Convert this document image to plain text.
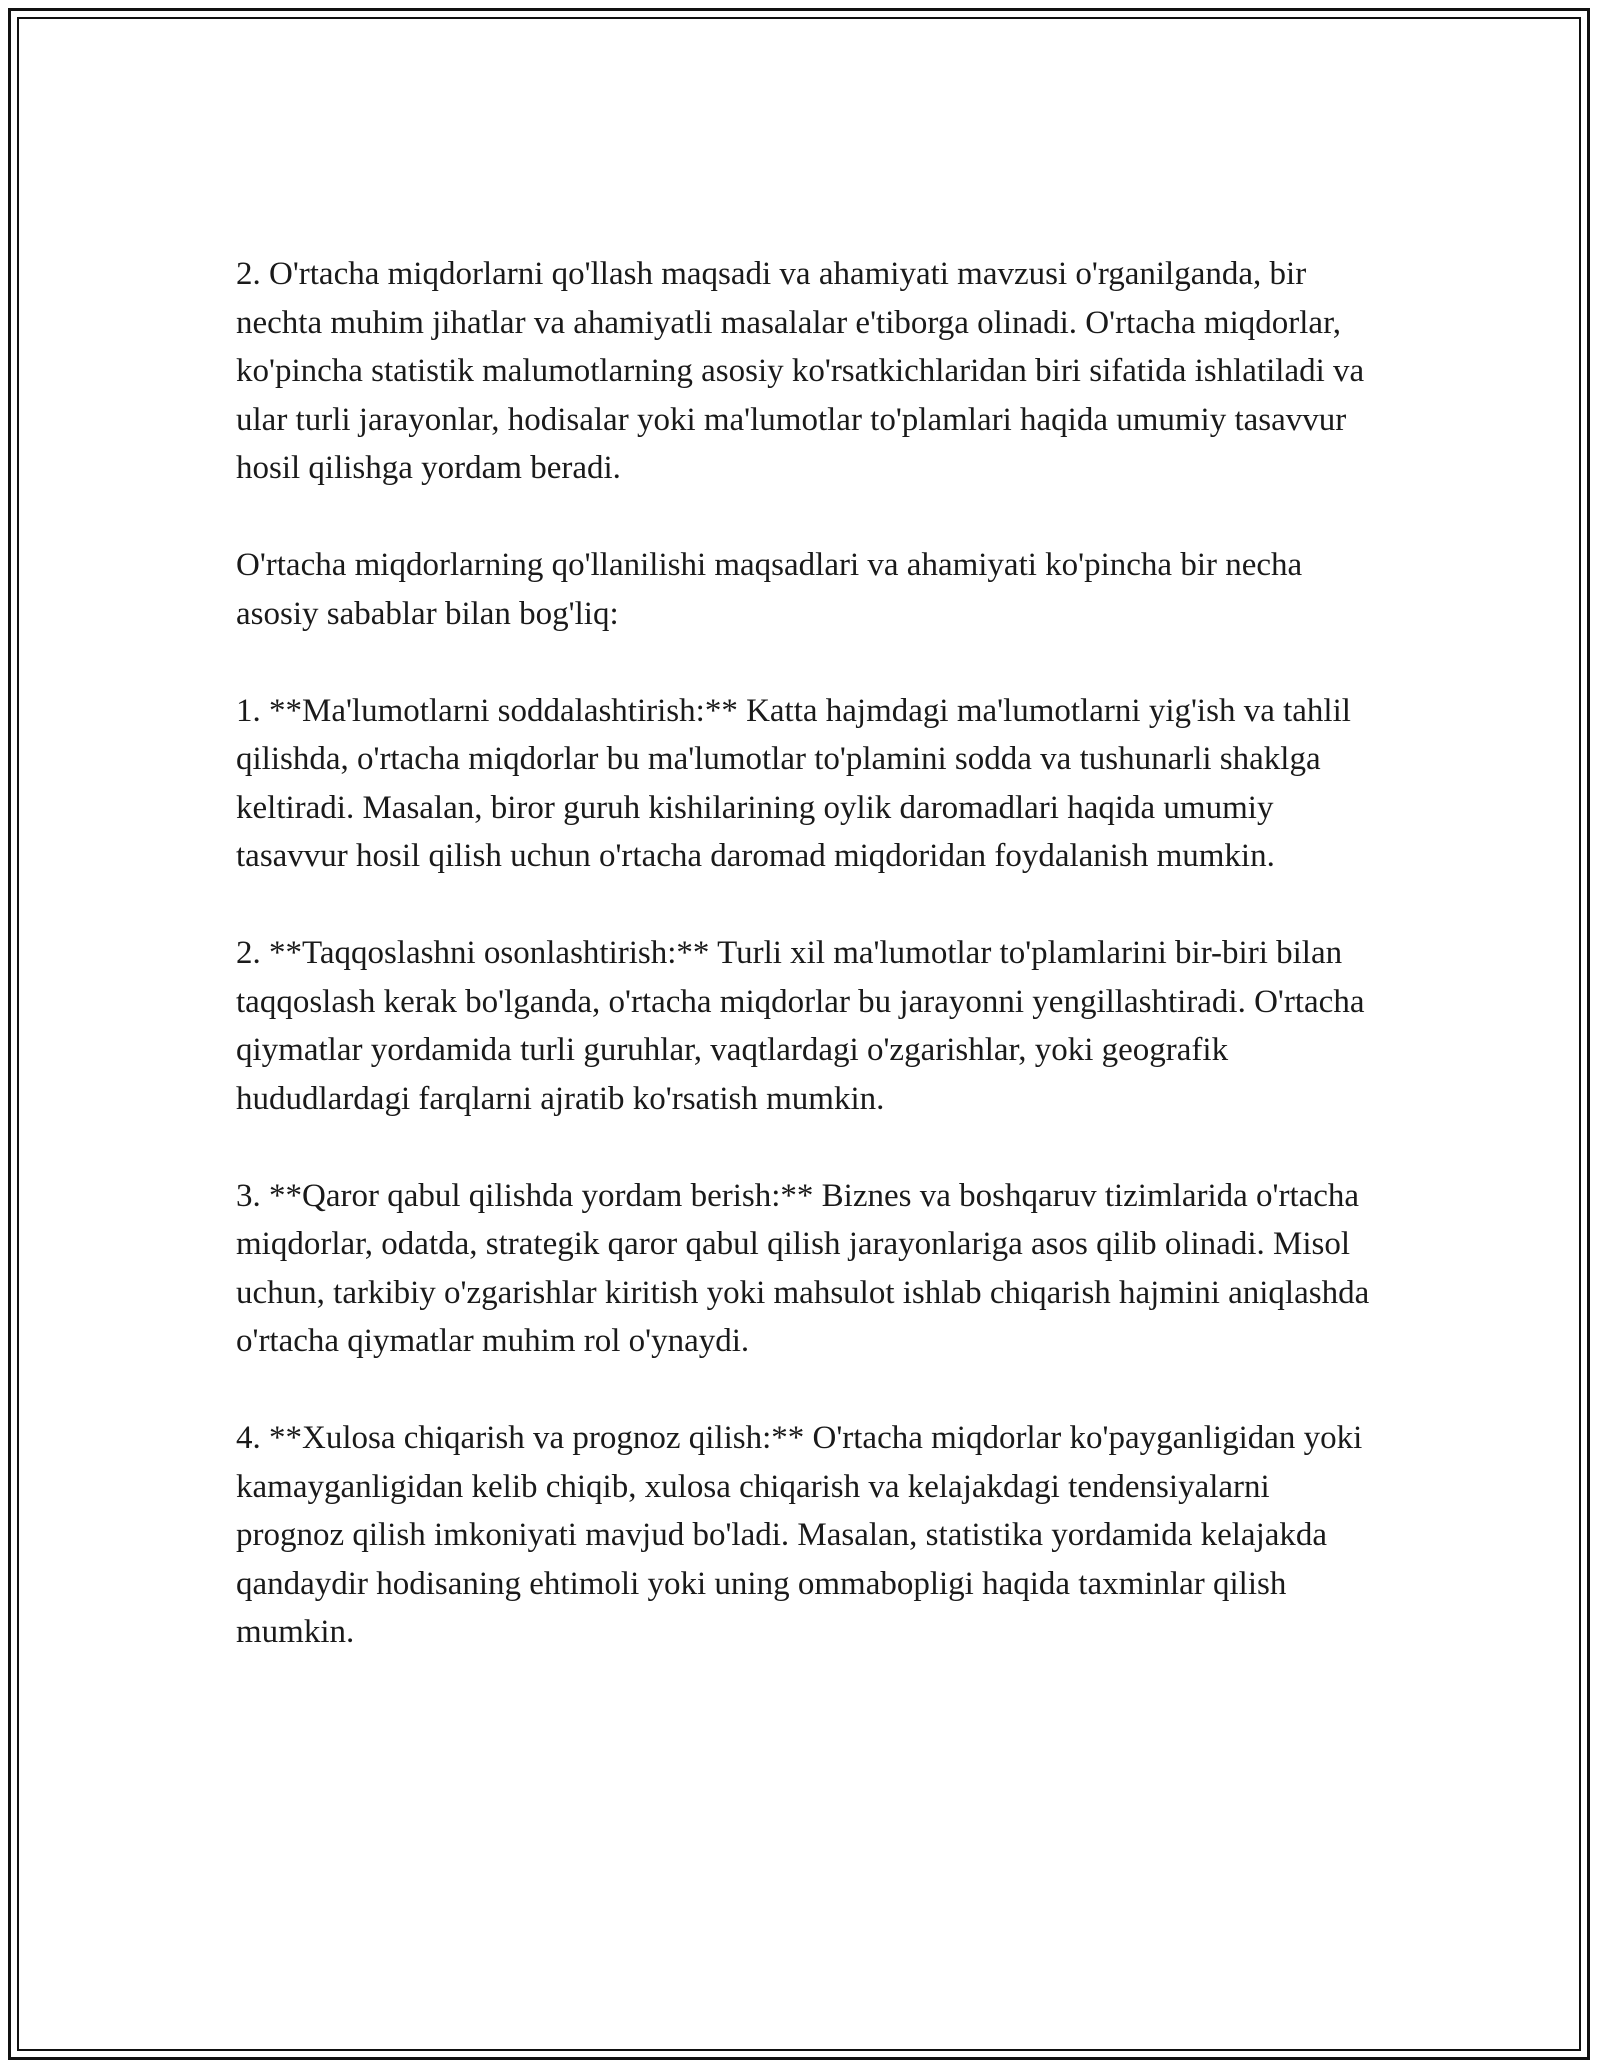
2. O'rtacha miqdorlarni qo'llash maqsadi va ahamiyati mavzusi o'rganilganda, bir nechta muhim jihatlar va ahamiyatli masalalar e'tiborga olinadi. O'rtacha miqdorlar, ko'pincha statistik malumotlarning asosiy ko'rsatkichlaridan biri sifatida ishlatiladi va ular turli jarayonlar, hodisalar yoki ma'lumotlar to'plamlari haqida umumiy tasavvur hosil qilishga yordam beradi.

O'rtacha miqdorlarning qo'llanilishi maqsadlari va ahamiyati ko'pincha bir necha asosiy sabablar bilan bog'liq:

1. **Ma'lumotlarni soddalashtirish:** Katta hajmdagi ma'lumotlarni yig'ish va tahlil qilishda, o'rtacha miqdorlar bu ma'lumotlar to'plamini sodda va tushunarli shaklga keltiradi. Masalan, biror guruh kishilarining oylik daromadlari haqida umumiy tasavvur hosil qilish uchun o'rtacha daromad miqdoridan foydalanish mumkin.

2. **Taqqoslashni osonlashtirish:** Turli xil ma'lumotlar to'plamlarini bir-biri bilan taqqoslash kerak bo'lganda, o'rtacha miqdorlar bu jarayonni yengillashtiradi. O'rtacha qiymatlar yordamida turli guruhlar, vaqtlardagi o'zgarishlar, yoki geografik hududlardagi farqlarni ajratib ko'rsatish mumkin.

3. **Qaror qabul qilishda yordam berish:** Biznes va boshqaruv tizimlarida o'rtacha miqdorlar, odatda, strategik qaror qabul qilish jarayonlariga asos qilib olinadi. Misol uchun, tarkibiy o'zgarishlar kiritish yoki mahsulot ishlab chiqarish hajmini aniqlashda o'rtacha qiymatlar muhim rol o'ynaydi.

4. **Xulosa chiqarish va prognoz qilish:** O'rtacha miqdorlar ko'payganligidan yoki kamayganligidan kelib chiqib, xulosa chiqarish va kelajakdagi tendensiyalarni prognoz qilish imkoniyati mavjud bo'ladi. Masalan, statistika yordamida kelajakda qandaydir hodisaning ehtimoli yoki uning ommabopligi haqida taxminlar qilish mumkin.
